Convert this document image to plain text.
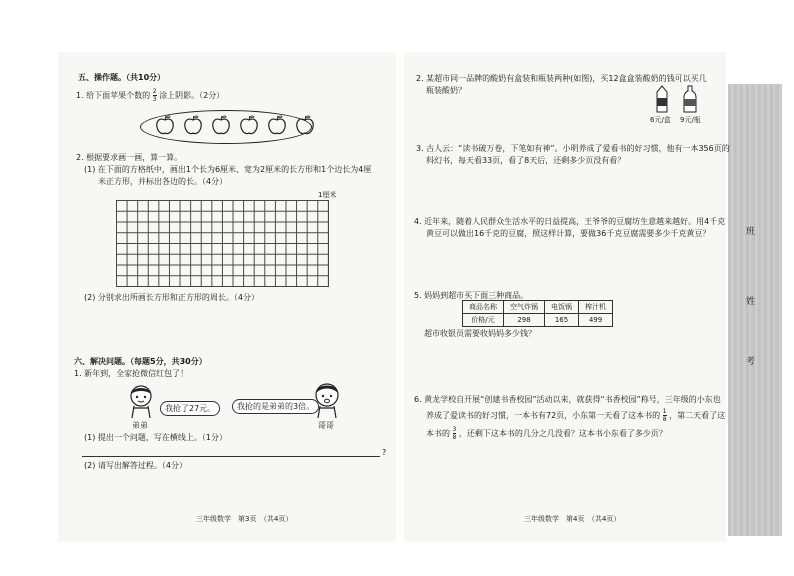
班
姓
考
五、操作题。（共10分）
1. 给下面苹果个数的 $\frac{2}{3}$ 涂上阴影。（2分）

2. 根据要求画一画，算一算。
(1) 在下面的方格纸中，画出1个长为6厘米、宽为2厘米的长方形和1个边长为4厘
米正方形，并标出各边的长。（4分）
1厘米
(2) 分别求出所画长方形和正方形的周长。（4分）
六、解决问题。（每题5分，共30分）
1. 新年到，全家抢微信红包了！
我抢了27元。
弟弟
我抢的是弟弟的3倍。
哥哥
(1) 提出一个问题，写在横线上。（1分）
?
(2) 请写出解答过程。（4分）
三年级数学　第3页　（共4页）
2. 某超市同一品牌的酸奶有盒装和瓶装两种(如图)，买12盒盒装酸奶的钱可以买几
瓶装酸奶？
6元/盒 9元/瓶
3. 古人云：“读书破万卷，下笔如有神”。小明养成了爱看书的好习惯，他有一本356页的
科幻书，每天看33页，看了8天后，还剩多少页没有看？
4. 近年来，随着人民群众生活水平的日益提高，王爷爷的豆腐坊生意越来越好。用4千克
黄豆可以做出16千克的豆腐，照这样计算，要做36千克豆腐需要多少千克黄豆？
5. 妈妈到超市买下面三种商品。
商品名称	空气炸锅	电饭锅	榨汁机
价格/元	298	165	499
超市收银员需要收妈妈多少钱？
6. 黄龙学校自开展“创建书香校园”活动以来，就获得“书香校园”称号，三年级的小东也
养成了爱读书的好习惯，一本书有72页，小东第一天看了这本书的 $\frac{1}{8}$ ，第二天看了这
本书的 $\frac{3}{8}$ ，还剩下这本书的几分之几没看？这本书小东看了多少页？
三年级数学　第4页　（共4页）
